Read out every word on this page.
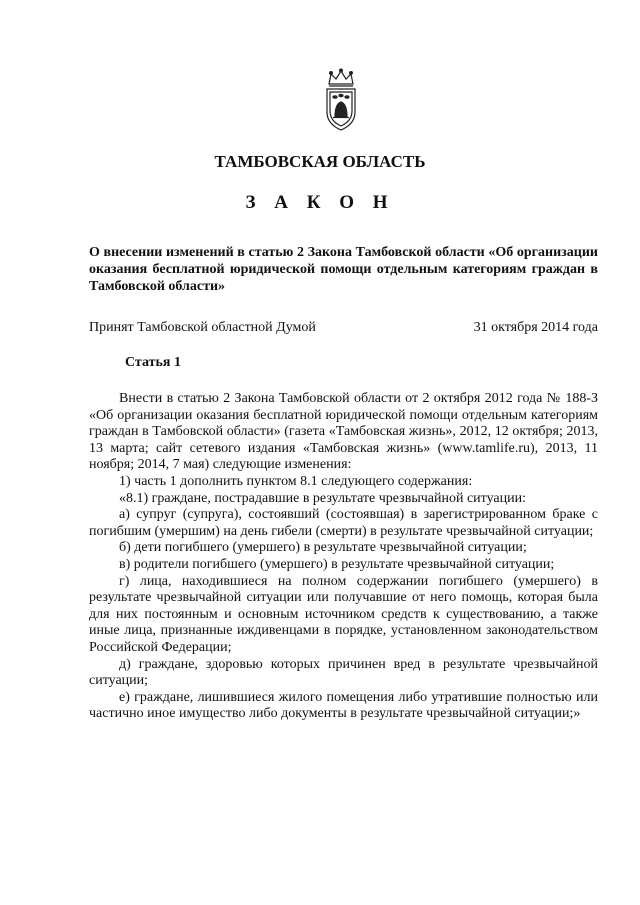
ТАМБОВСКАЯ ОБЛАСТЬ
З А К О Н

О внесении изменений в статью 2 Закона Тамбовской области «Об организации оказания бесплатной юридической помощи отдельным категориям граждан в Тамбовской области»

Принят Тамбовской областной Думой	31 октября 2014 года
Статья 1

Внести в статью 2 Закона Тамбовской области от 2 октября 2012 года № 188-З «Об организации оказания бесплатной юридической помощи отдельным категориям граждан в Тамбовской области» (газета «Тамбовская жизнь», 2012, 12 октября; 2013, 13 марта; сайт сетевого издания «Тамбовская жизнь» (www.tamlife.ru), 2013, 11 ноября; 2014, 7 мая) следующие изменения:

1) часть 1 дополнить пунктом 8.1 следующего содержания:

«8.1) граждане, пострадавшие в результате чрезвычайной ситуации:

а) супруг (супруга), состоявший (состоявшая) в зарегистрированном браке с погибшим (умершим) на день гибели (смерти) в результате чрезвычайной ситуации;

б) дети погибшего (умершего) в результате чрезвычайной ситуации;

в) родители погибшего (умершего) в результате чрезвычайной ситуации;

г) лица, находившиеся на полном содержании погибшего (умершего) в результате чрезвычайной ситуации или получавшие от него помощь, которая была для них постоянным и основным источником средств к существованию, а также иные лица, признанные иждивенцами в порядке, установленном законодательством Российской Федерации;

д) граждане, здоровью которых причинен вред в результате чрезвычайной ситуации;

е) граждане, лишившиеся жилого помещения либо утратившие полностью или частично иное имущество либо документы в результате чрезвычайной ситуации;»
